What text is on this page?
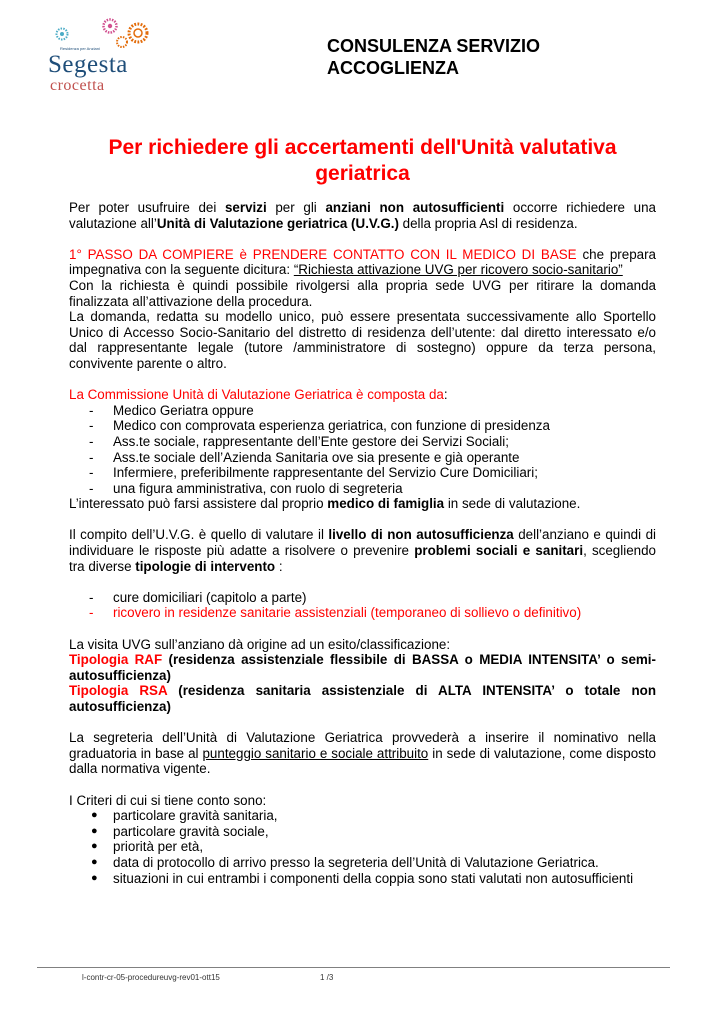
Residenza per Anziani
Segesta
crocetta
CONSULENZA SERVIZIO
ACCOGLIENZA
Per richiedere gli accertamenti dell'Unità valutativa
geriatrica

Per poter usufruire dei servizi per gli anziani non autosufficienti occorre richiedere una valutazione all’Unità di Valutazione geriatrica (U.V.G.) della propria Asl di residenza.

1° PASSO DA COMPIERE è PRENDERE CONTATTO CON IL MEDICO DI BASE che prepara impegnativa con la seguente dicitura: “Richiesta attivazione UVG per ricovero socio-sanitario”

Con la richiesta è quindi possibile rivolgersi alla propria sede UVG per ritirare la domanda finalizzata all’attivazione della procedura.

La domanda, redatta su modello unico, può essere presentata successivamente allo Sportello Unico di Accesso Socio-Sanitario del distretto di residenza dell’utente: dal diretto interessato e/o dal rappresentante legale (tutore /amministratore di sostegno) oppure da terza persona, convivente parente o altro.

La Commissione Unità di Valutazione Geriatrica è composta da:

- Medico Geriatra oppure
- Medico con comprovata esperienza geriatrica, con funzione di presidenza
- Ass.te sociale, rappresentante dell’Ente gestore dei Servizi Sociali;
- Ass.te sociale dell’Azienda Sanitaria ove sia presente e già operante
- Infermiere, preferibilmente rappresentante del Servizio Cure Domiciliari;
- una figura amministrativa, con ruolo di segreteria

L’interessato può farsi assistere dal proprio medico di famiglia in sede di valutazione.

Il compito dell’U.V.G. è quello di valutare il livello di non autosufficienza dell’anziano e quindi di individuare le risposte più adatte a risolvere o prevenire problemi sociali e sanitari, scegliendo tra diverse tipologie di intervento :

- cure domiciliari (capitolo a parte)
- ricovero in residenze sanitarie assistenziali (temporaneo di sollievo o definitivo)

La visita UVG sull’anziano dà origine ad un esito/classificazione:

Tipologia RAF (residenza assistenziale flessibile di BASSA o MEDIA INTENSITA’ o semi-autosufficienza)

Tipologia RSA (residenza sanitaria assistenziale di ALTA INTENSITA’ o totale non autosufficienza)

La segreteria dell’Unità di Valutazione Geriatrica provvederà a inserire il nominativo nella graduatoria in base al punteggio sanitario e sociale attribuito in sede di valutazione, come disposto dalla normativa vigente.

I Criteri di cui si tiene conto sono:

●	particolare gravità sanitaria,
●	particolare gravità sociale,
●	priorità per età,
●	data di protocollo di arrivo presso la segreteria dell’Unità di Valutazione Geriatrica.
●	situazioni in cui entrambi i componenti della coppia sono stati valutati non autosufficienti
l-contr-cr-05-procedureuvg-rev01-ott15	1 /3
